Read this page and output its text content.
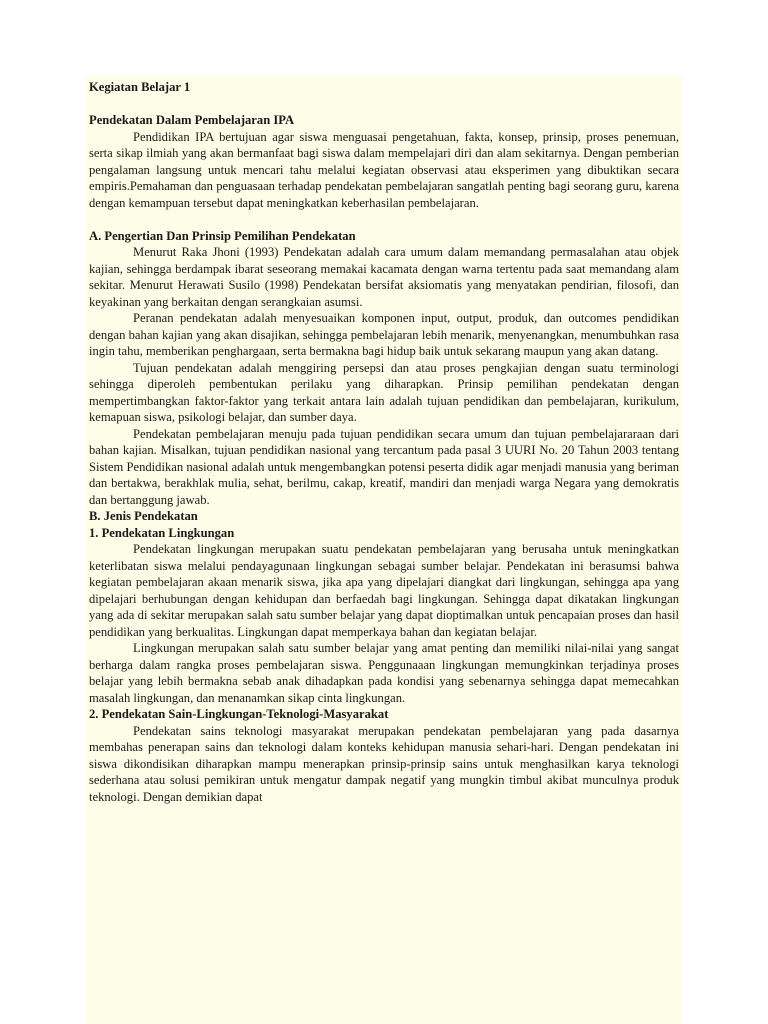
Kegiatan Belajar 1

Pendekatan Dalam Pembelajaran IPA

Pendidikan IPA bertujuan agar siswa menguasai pengetahuan, fakta, konsep, prinsip, proses penemuan, serta sikap ilmiah yang akan bermanfaat bagi siswa dalam mempelajari diri dan alam sekitarnya. Dengan pemberian pengalaman langsung untuk mencari tahu melalui kegiatan observasi atau eksperimen yang dibuktikan secara empiris.Pemahaman dan penguasaan terhadap pendekatan pembelajaran sangatlah penting bagi seorang guru, karena dengan kemampuan tersebut dapat meningkatkan keberhasilan pembelajaran.

A. Pengertian Dan Prinsip Pemilihan Pendekatan

Menurut Raka Jhoni (1993) Pendekatan adalah cara umum dalam memandang permasalahan atau objek kajian, sehingga berdampak ibarat seseorang memakai kacamata dengan warna tertentu pada saat memandang alam sekitar. Menurut Herawati Susilo (1998) Pendekatan bersifat aksiomatis yang menyatakan pendirian, filosofi, dan keyakinan yang berkaitan dengan serangkaian asumsi.

Peranan pendekatan adalah menyesuaikan komponen input, output, produk, dan outcomes pendidikan dengan bahan kajian yang akan disajikan, sehingga pembelajaran lebih menarik, menyenangkan, menumbuhkan rasa ingin tahu, memberikan penghargaan, serta bermakna bagi hidup baik untuk sekarang maupun yang akan datang.

Tujuan pendekatan adalah menggiring persepsi dan atau proses pengkajian dengan suatu terminologi sehingga diperoleh pembentukan perilaku yang diharapkan. Prinsip pemilihan pendekatan dengan mempertimbangkan faktor-faktor yang terkait antara lain adalah tujuan pendidikan dan pembelajaran, kurikulum, kemapuan siswa, psikologi belajar, dan sumber daya.

Pendekatan pembelajaran menuju pada tujuan pendidikan secara umum dan tujuan pembelajararaan dari bahan kajian. Misalkan, tujuan pendidikan nasional yang tercantum pada pasal 3 UURI No. 20 Tahun 2003 tentang Sistem Pendidikan nasional adalah untuk mengembangkan potensi peserta didik agar menjadi manusia yang beriman dan bertakwa, berakhlak mulia, sehat, berilmu, cakap, kreatif, mandiri dan menjadi warga Negara yang demokratis dan bertanggung jawab.

B. Jenis Pendekatan

1. Pendekatan Lingkungan

Pendekatan lingkungan merupakan suatu pendekatan pembelajaran yang berusaha untuk meningkatkan keterlibatan siswa melalui pendayagunaan lingkungan sebagai sumber belajar. Pendekatan ini berasumsi bahwa kegiatan pembelajaran akaan menarik siswa, jika apa yang dipelajari diangkat dari lingkungan, sehingga apa yang dipelajari berhubungan dengan kehidupan dan berfaedah bagi lingkungan. Sehingga dapat dikatakan lingkungan yang ada di sekitar merupakan salah satu sumber belajar yang dapat dioptimalkan untuk pencapaian proses dan hasil pendidikan yang berkualitas. Lingkungan dapat memperkaya bahan dan kegiatan belajar.

Lingkungan merupakan salah satu sumber belajar yang amat penting dan memiliki nilai-nilai yang sangat berharga dalam rangka proses pembelajaran siswa. Penggunaaan lingkungan memungkinkan terjadinya proses belajar yang lebih bermakna sebab anak dihadapkan pada kondisi yang sebenarnya sehingga dapat memecahkan masalah lingkungan, dan menanamkan sikap cinta lingkungan.

2. Pendekatan Sain-Lingkungan-Teknologi-Masyarakat

Pendekatan sains teknologi masyarakat merupakan pendekatan pembelajaran yang pada dasarnya membahas penerapan sains dan teknologi dalam konteks kehidupan manusia sehari-hari. Dengan pendekatan ini siswa dikondisikan diharapkan mampu menerapkan prinsip-prinsip sains untuk menghasilkan karya teknologi sederhana atau solusi pemikiran untuk mengatur dampak negatif yang mungkin timbul akibat munculnya produk teknologi. Dengan demikian dapat
